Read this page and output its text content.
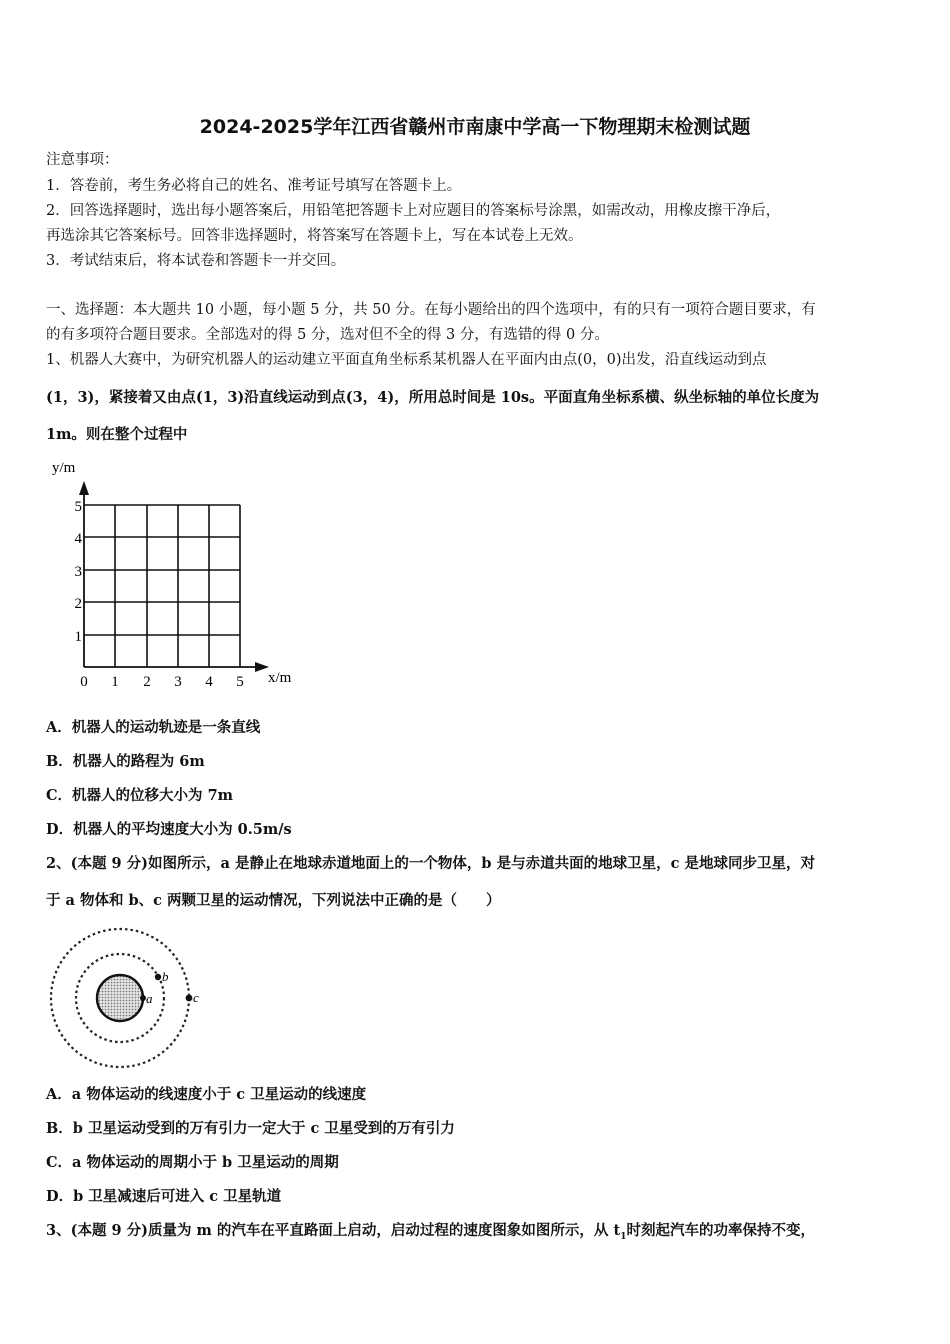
2024-2025学年江西省赣州市南康中学高一下物理期末检测试题
注意事项：
1．答卷前，考生务必将自己的姓名、准考证号填写在答题卡上。
2．回答选择题时，选出每小题答案后，用铅笔把答题卡上对应题目的答案标号涂黑，如需改动，用橡皮擦干净后，
再选涂其它答案标号。回答非选择题时，将答案写在答题卡上，写在本试卷上无效。
3．考试结束后，将本试卷和答题卡一并交回。
一、选择题：本大题共 10 小题，每小题 5 分，共 50 分。在每小题给出的四个选项中，有的只有一项符合题目要求，有
的有多项符合题目要求。全部选对的得 5 分，选对但不全的得 3 分，有选错的得 0 分。
1、机器人大赛中，为研究机器人的运动建立平面直角坐标系某机器人在平面内由点(0，0)出发，沿直线运动到点
(1，3)，紧接着又由点(1，3)沿直线运动到点(3，4)，所用总时间是 10s。平面直角坐标系横、纵坐标轴的单位长度为
1m。则在整个过程中
y/m
5
4
3
2
1
0 1 2 3 4 5 x/m
A．机器人的运动轨迹是一条直线
B．机器人的路程为 6m
C．机器人的位移大小为 7m
D．机器人的平均速度大小为 0.5m/s
2、(本题 9 分)如图所示，a 是静止在地球赤道地面上的一个物体，b 是与赤道共面的地球卫星，c 是地球同步卫星，对
于 a 物体和 b、c 两颗卫星的运动情况，下列说法中正确的是（　　）
a
b
c
A．a 物体运动的线速度小于 c 卫星运动的线速度
B．b 卫星运动受到的万有引力一定大于 c 卫星受到的万有引力
C．a 物体运动的周期小于 b 卫星运动的周期
D．b 卫星减速后可进入 c 卫星轨道
3、(本题 9 分)质量为 m 的汽车在平直路面上启动，启动过程的速度图象如图所示，从 $t_1$时刻起汽车的功率保持不变，
